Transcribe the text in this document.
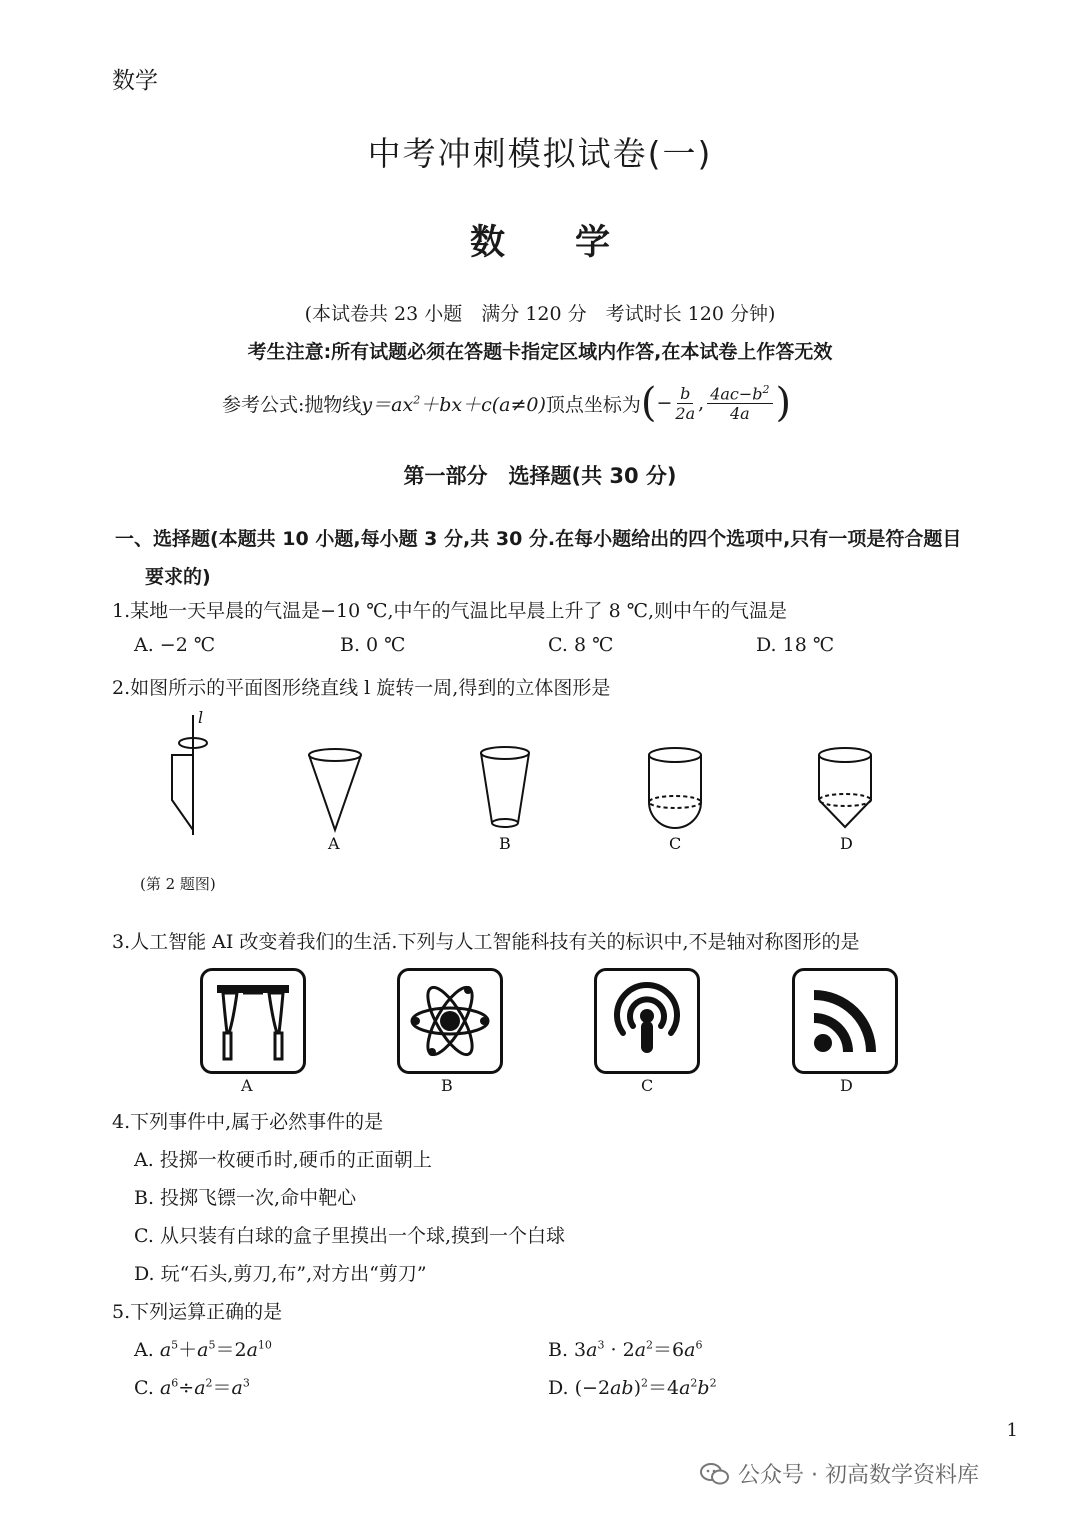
数学
中考冲刺模拟试卷(一)
数　　学
(本试卷共 23 小题　满分 120 分　考试时长 120 分钟)
考生注意:所有试题必须在答题卡指定区域内作答,在本试卷上作答无效
参考公式:抛物线 $y=ax^2+bx+c(a\ne 0)$ 顶点坐标为 ( − $\frac{b}{2a}$ , $\frac{4ac-b^2}{4a}$ )
第一部分　选择题(共 30 分)
一、选择题(本题共 10 小题,每小题 3 分,共 30 分.在每小题给出的四个选项中,只有一项是符合题目要求的)
1.某地一天早晨的气温是−10 ℃,中午的气温比早晨上升了 8 ℃,则中午的气温是
A. −2 ℃	B. 0 ℃	C. 8 ℃	D. 18 ℃
2.如图所示的平面图形绕直线 l 旋转一周,得到的立体图形是
l
A	B	C	D
(第 2 题图)
3.人工智能 AI 改变着我们的生活.下列与人工智能科技有关的标识中,不是轴对称图形的是
A	B	C	D
4.下列事件中,属于必然事件的是
A. 投掷一枚硬币时,硬币的正面朝上
B. 投掷飞镖一次,命中靶心
C. 从只装有白球的盒子里摸出一个球,摸到一个白球
D. 玩“石头,剪刀,布”,对方出“剪刀”
5.下列运算正确的是
A. $a^5+a^5=2a^{10}$	B. $3a^3 \cdot 2a^2=6a^6$
C. $a^6\div a^2=a^3$	D. $(-2ab)^2=4a^2b^2$
1
公众号 · 初高数学资料库
